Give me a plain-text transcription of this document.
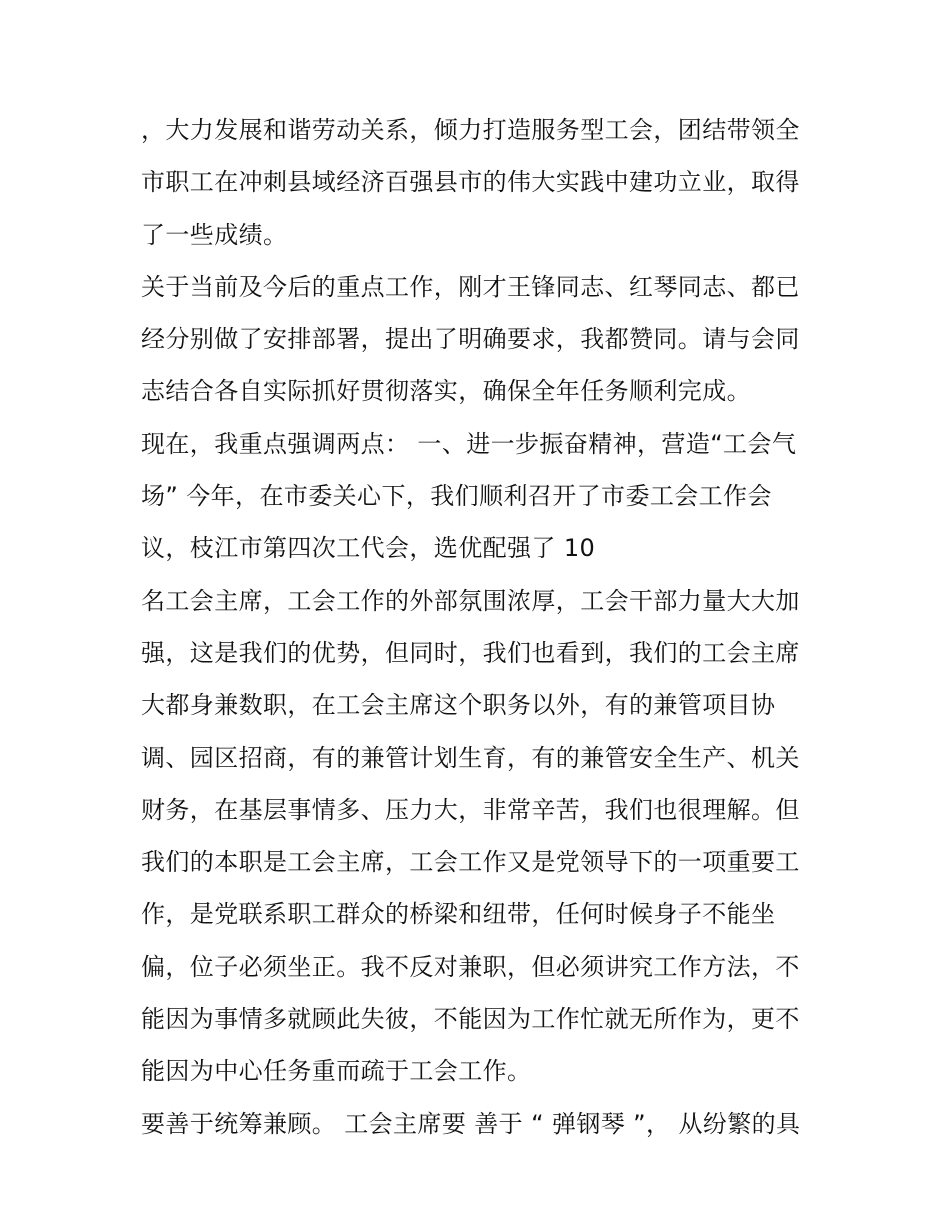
，大力发展和谐劳动关系，倾力打造服务型工会，团结带领全
市职工在冲刺县域经济百强县市的伟大实践中建功立业，取得
了一些成绩。
关于当前及今后的重点工作，刚才王锋同志、红琴同志、都已
经分别做了安排部署，提出了明确要求，我都赞同。请与会同
志结合各自实际抓好贯彻落实，确保全年任务顺利完成。
现在，我重点强调两点： 一、进一步振奋精神，营造“工会气
场” 今年，在市委关心下，我们顺利召开了市委工会工作会
议，枝江市第四次工代会，选优配强了 10
名工会主席，工会工作的外部氛围浓厚，工会干部力量大大加
强，这是我们的优势，但同时，我们也看到，我们的工会主席
大都身兼数职，在工会主席这个职务以外，有的兼管项目协
调、园区招商，有的兼管计划生育，有的兼管安全生产、机关
财务，在基层事情多、压力大，非常辛苦，我们也很理解。但
我们的本职是工会主席，工会工作又是党领导下的一项重要工
作，是党联系职工群众的桥梁和纽带，任何时候身子不能坐
偏，位子必须坐正。我不反对兼职，但必须讲究工作方法，不
能因为事情多就顾此失彼，不能因为工作忙就无所作为，更不
能因为中心任务重而疏于工会工作。
要善于统筹兼顾。 工会主席要 善于 “ 弹钢琴 ”， 从纷繁的具
